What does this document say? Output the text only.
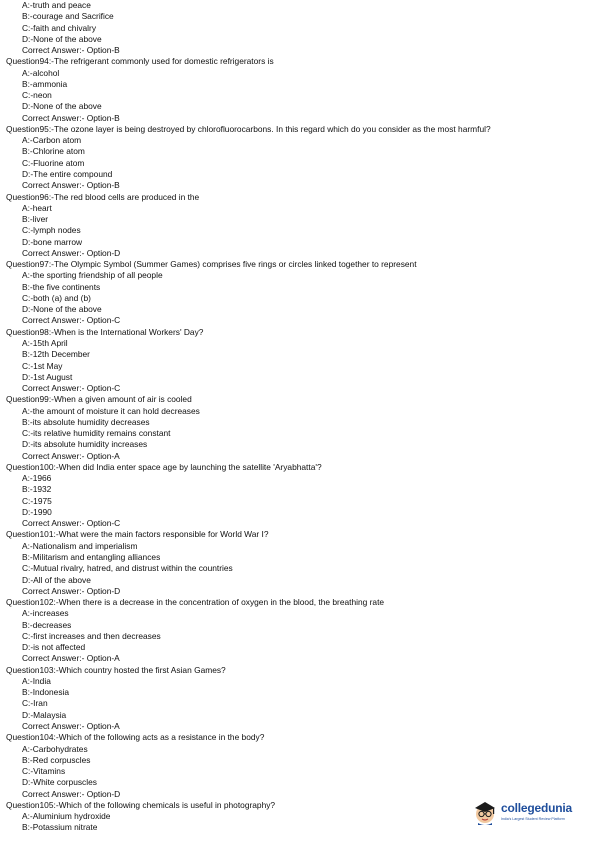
A:-truth and peace
B:-courage and Sacrifice
C:-faith and chivalry
D:-None of the above
Correct Answer:- Option-B
Question94:-The refrigerant commonly used for domestic refrigerators is
A:-alcohol
B:-ammonia
C:-neon
D:-None of the above
Correct Answer:- Option-B
Question95:-The ozone layer is being destroyed by chlorofluorocarbons. In this regard which do you consider as the most harmful?
A:-Carbon atom
B:-Chlorine atom
C:-Fluorine atom
D:-The entire compound
Correct Answer:- Option-B
Question96:-The red blood cells are produced in the
A:-heart
B:-liver
C:-lymph nodes
D:-bone marrow
Correct Answer:- Option-D
Question97:-The Olympic Symbol (Summer Games) comprises five rings or circles linked together to represent
A:-the sporting friendship of all people
B:-the five continents
C:-both (a) and (b)
D:-None of the above
Correct Answer:- Option-C
Question98:-When is the International Workers' Day?
A:-15th April
B:-12th December
C:-1st May
D:-1st August
Correct Answer:- Option-C
Question99:-When a given amount of air is cooled
A:-the amount of moisture it can hold decreases
B:-its absolute humidity decreases
C:-its relative humidity remains constant
D:-its absolute humidity increases
Correct Answer:- Option-A
Question100:-When did India enter space age by launching the satellite 'Aryabhatta'?
A:-1966
B:-1932
C:-1975
D:-1990
Correct Answer:- Option-C
Question101:-What were the main factors responsible for World War I?
A:-Nationalism and imperialism
B:-Militarism and entangling alliances
C:-Mutual rivalry, hatred, and distrust within the countries
D:-All of the above
Correct Answer:- Option-D
Question102:-When there is a decrease in the concentration of oxygen in the blood, the breathing rate
A:-increases
B:-decreases
C:-first increases and then decreases
D:-is not affected
Correct Answer:- Option-A
Question103:-Which country hosted the first Asian Games?
A:-India
B:-Indonesia
C:-Iran
D:-Malaysia
Correct Answer:- Option-A
Question104:-Which of the following acts as a resistance in the body?
A:-Carbohydrates
B:-Red corpuscles
C:-Vitamins
D:-White corpuscles
Correct Answer:- Option-D
Question105:-Which of the following chemicals is useful in photography?
A:-Aluminium hydroxide
B:-Potassium nitrate
collegedunia
India's Largest Student Review Platform
